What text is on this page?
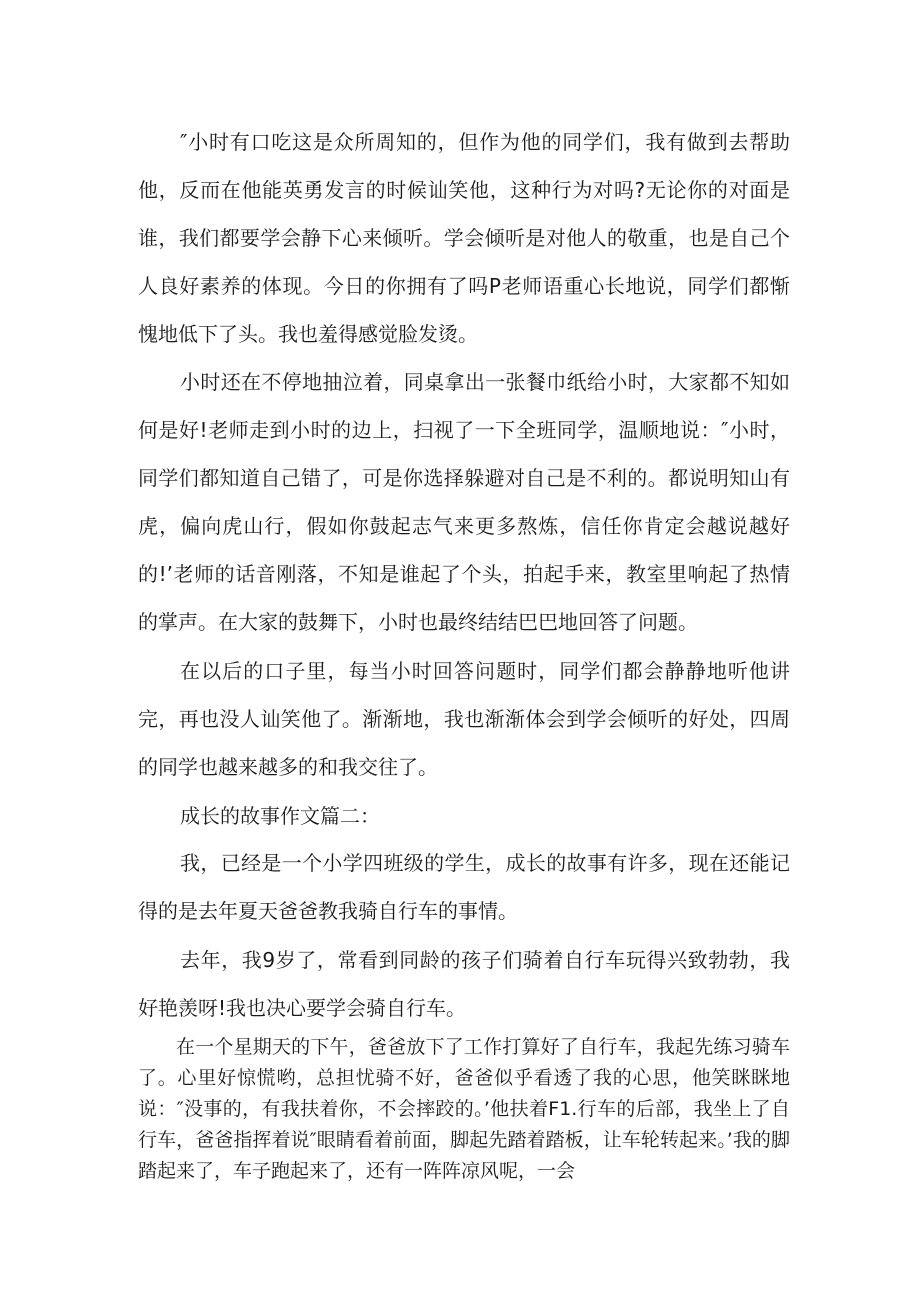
″小时有口吃这是众所周知的，但作为他的同学们，我有做到去帮助他，反而在他能英勇发言的时候讪笑他，这种行为对吗?无论你的对面是谁，我们都要学会静下心来倾听。学会倾听是对他人的敬重，也是自己个人良好素养的体现。今日的你拥有了吗P老师语重心长地说，同学们都惭愧地低下了头。我也羞得感觉脸发烫。

小时还在不停地抽泣着，同桌拿出一张餐巾纸给小时，大家都不知如何是好!老师走到小时的边上，扫视了一下全班同学，温顺地说：″小时，同学们都知道自己错了，可是你选择躲避对自己是不利的。都说明知山有虎，偏向虎山行，假如你鼓起志气来更多熬炼，信任你肯定会越说越好的!’老师的话音刚落，不知是谁起了个头，拍起手来，教室里响起了热情的掌声。在大家的鼓舞下，小时也最终结结巴巴地回答了问题。

在以后的口子里，每当小时回答问题时，同学们都会静静地听他讲完，再也没人讪笑他了。渐渐地，我也渐渐体会到学会倾听的好处，四周的同学也越来越多的和我交往了。

成长的故事作文篇二：

我，已经是一个小学四班级的学生，成长的故事有许多，现在还能记得的是去年夏天爸爸教我骑自行车的事情。

去年，我9岁了，常看到同龄的孩子们骑着自行车玩得兴致勃勃，我好艳羡呀!我也决心要学会骑自行车。

在一个星期天的下午，爸爸放下了工作打算好了自行车，我起先练习骑车了。心里好惊慌哟，总担忧骑不好，爸爸似乎看透了我的心思，他笑眯眯地说：″没事的，有我扶着你，不会摔跤的。’他扶着F1.行车的后部，我坐上了自行车，爸爸指挥着说″眼睛看着前面，脚起先踏着踏板，让车轮转起来。’我的脚踏起来了，车子跑起来了，还有一阵阵凉风呢，一会
